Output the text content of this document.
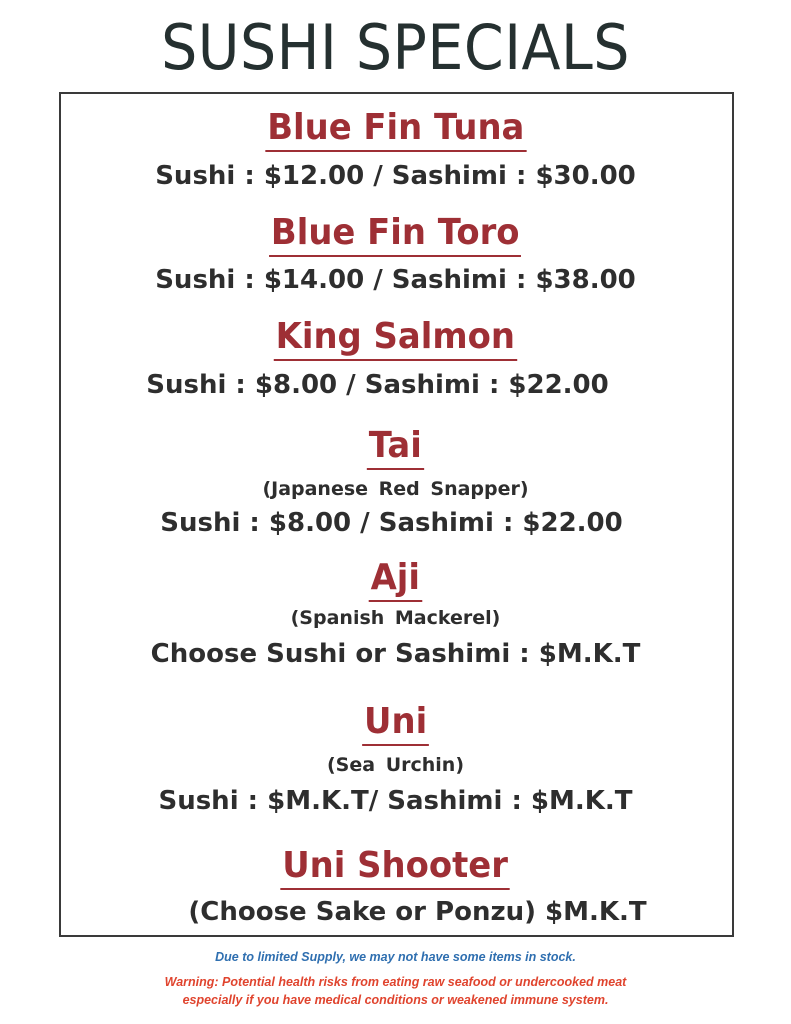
SUSHI SPECIALS
Blue Fin Tuna
Sushi : $12.00 / Sashimi : $30.00
Blue Fin Toro
Sushi : $14.00 / Sashimi : $38.00
King Salmon
Sushi : $8.00 / Sashimi : $22.00
Tai
(Japanese Red Snapper)
Sushi : $8.00 / Sashimi : $22.00
Aji
(Spanish Mackerel)
Choose Sushi or Sashimi : $M.K.T
Uni
(Sea Urchin)
Sushi : $M.K.T/ Sashimi : $M.K.T
Uni Shooter
(Choose Sake or Ponzu) $M.K.T
Due to limited Supply, we may not have some items in stock.
Warning: Potential health risks from eating raw seafood or undercooked meat
especially if you have medical conditions or weakened immune system.
